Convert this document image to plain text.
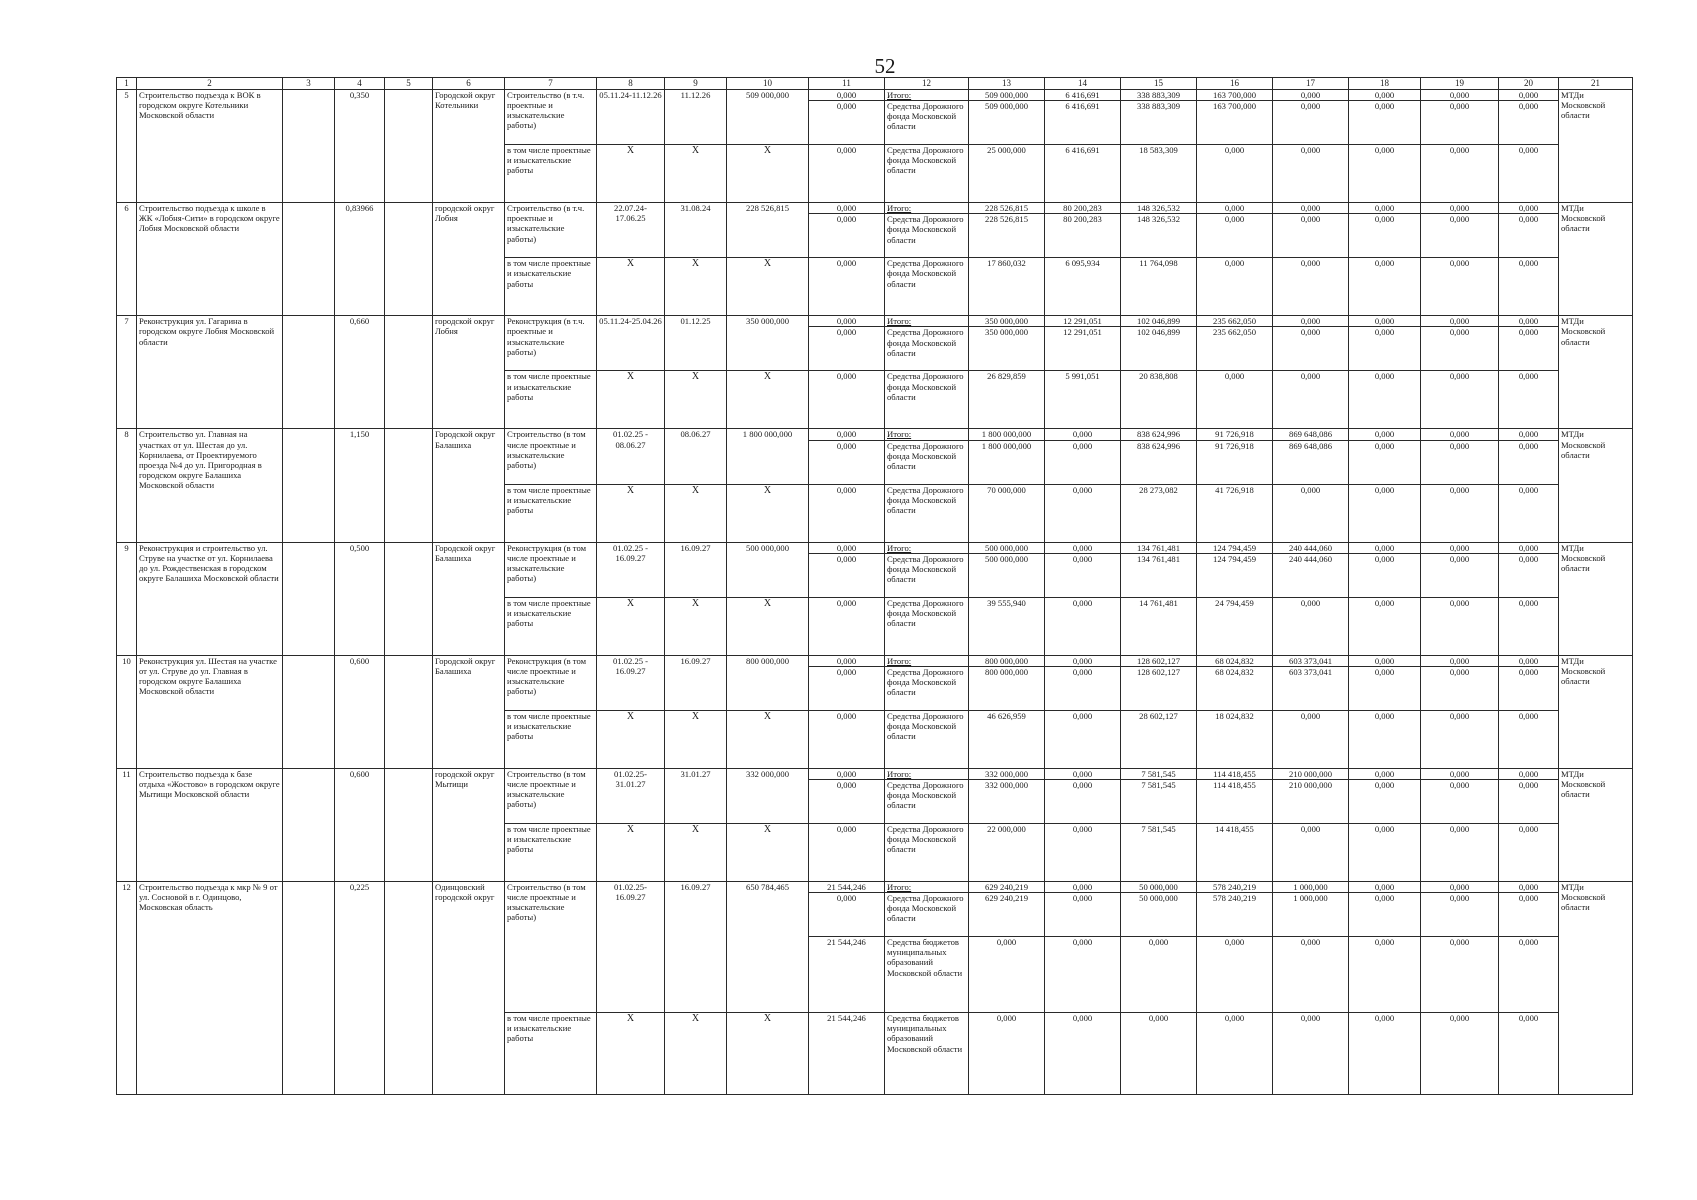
52
1	2	3	4	5	6	7	8	9	10	11	12	13	14	15	16	17	18	19	20	21
5	Строительство подъезда к ВОК в городском округе Котельники Московской области		0,350		Городской округ Котельники	Строительство (в т.ч. проектные и изыскательские работы)	05.11.24-11.12.26	11.12.26	509 000,000	0,000	Итого:	509 000,000	6 416,691	338 883,309	163 700,000	0,000	0,000	0,000	0,000	МТДи Московской области
										0,000	Средства Дорожного фонда Московской области	509 000,000	6 416,691	338 883,309	163 700,000	0,000	0,000	0,000	0,000	
						в том числе проектные и изыскательские работы	X	X	X	0,000	Средства Дорожного фонда Московской области	25 000,000	6 416,691	18 583,309	0,000	0,000	0,000	0,000	0,000	
6	Строительство подъезда к школе в ЖК «Лобня-Сити» в городском округе Лобня Московской области		0,83966		городской округ Лобня	Строительство (в т.ч. проектные и изыскательские работы)	22.07.24-17.06.25	31.08.24	228 526,815	0,000	Итого:	228 526,815	80 200,283	148 326,532	0,000	0,000	0,000	0,000	0,000	МТДи Московской области
										0,000	Средства Дорожного фонда Московской области	228 526,815	80 200,283	148 326,532	0,000	0,000	0,000	0,000	0,000	
						в том числе проектные и изыскательские работы	X	X	X	0,000	Средства Дорожного фонда Московской области	17 860,032	6 095,934	11 764,098	0,000	0,000	0,000	0,000	0,000	
7	Реконструкция ул. Гагарина в городском округе Лобня Московской области		0,660		городской округ Лобня	Реконструкция (в т.ч. проектные и изыскательские работы)	05.11.24-25.04.26	01.12.25	350 000,000	0,000	Итого:	350 000,000	12 291,051	102 046,899	235 662,050	0,000	0,000	0,000	0,000	МТДи Московской области
										0,000	Средства Дорожного фонда Московской области	350 000,000	12 291,051	102 046,899	235 662,050	0,000	0,000	0,000	0,000	
						в том числе проектные и изыскательские работы	X	X	X	0,000	Средства Дорожного фонда Московской области	26 829,859	5 991,051	20 838,808	0,000	0,000	0,000	0,000	0,000	
8	Строительство ул. Главная на участках от ул. Шестая до ул. Корнилаева, от Проектируемого проезда №4 до ул. Пригородная в городском округе Балашиха Московской области		1,150		Городской округ Балашиха	Строительство (в том числе проектные и изыскательские работы)	01.02.25 - 08.06.27	08.06.27	1 800 000,000	0,000	Итого:	1 800 000,000	0,000	838 624,996	91 726,918	869 648,086	0,000	0,000	0,000	МТДи Московской области
										0,000	Средства Дорожного фонда Московской области	1 800 000,000	0,000	838 624,996	91 726,918	869 648,086	0,000	0,000	0,000	
						в том числе проектные и изыскательские работы	X	X	X	0,000	Средства Дорожного фонда Московской области	70 000,000	0,000	28 273,082	41 726,918	0,000	0,000	0,000	0,000	
9	Реконструкция и строительство ул. Струве на участке от ул. Корнилаева до ул. Рождественская в городском округе Балашиха Московской области		0,500		Городской округ Балашиха	Реконструкция (в том числе проектные и изыскательские работы)	01.02.25 - 16.09.27	16.09.27	500 000,000	0,000	Итого:	500 000,000	0,000	134 761,481	124 794,459	240 444,060	0,000	0,000	0,000	МТДи Московской области
										0,000	Средства Дорожного фонда Московской области	500 000,000	0,000	134 761,481	124 794,459	240 444,060	0,000	0,000	0,000	
						в том числе проектные и изыскательские работы	X	X	X	0,000	Средства Дорожного фонда Московской области	39 555,940	0,000	14 761,481	24 794,459	0,000	0,000	0,000	0,000	
10	Реконструкция ул. Шестая на участке от ул. Струве до ул. Главная в городском округе Балашиха Московской области		0,600		Городской округ Балашиха	Реконструкция (в том числе проектные и изыскательские работы)	01.02.25 - 16.09.27	16.09.27	800 000,000	0,000	Итого:	800 000,000	0,000	128 602,127	68 024,832	603 373,041	0,000	0,000	0,000	МТДи Московской области
										0,000	Средства Дорожного фонда Московской области	800 000,000	0,000	128 602,127	68 024,832	603 373,041	0,000	0,000	0,000	
						в том числе проектные и изыскательские работы	X	X	X	0,000	Средства Дорожного фонда Московской области	46 626,959	0,000	28 602,127	18 024,832	0,000	0,000	0,000	0,000	
11	Строительство подъезда к базе отдыха «Жостово» в городском округе Мытищи Московской области		0,600		городской округ Мытищи	Строительство (в том числе проектные и изыскательские работы)	01.02.25-31.01.27	31.01.27	332 000,000	0,000	Итого:	332 000,000	0,000	7 581,545	114 418,455	210 000,000	0,000	0,000	0,000	МТДи Московской области
										0,000	Средства Дорожного фонда Московской области	332 000,000	0,000	7 581,545	114 418,455	210 000,000	0,000	0,000	0,000	
						в том числе проектные и изыскательские работы	X	X	X	0,000	Средства Дорожного фонда Московской области	22 000,000	0,000	7 581,545	14 418,455	0,000	0,000	0,000	0,000	
12	Строительство подъезда к мкр № 9 от ул. Сосновой в г. Одинцово, Московская область		0,225		Одинцовский городской округ	Строительство (в том числе проектные и изыскательские работы)	01.02.25-16.09.27	16.09.27	650 784,465	21 544,246	Итого:	629 240,219	0,000	50 000,000	578 240,219	1 000,000	0,000	0,000	0,000	МТДи Московской области
										0,000	Средства Дорожного фонда Московской области	629 240,219	0,000	50 000,000	578 240,219	1 000,000	0,000	0,000	0,000	
										21 544,246	Средства бюджетов муниципальных образований Московской области	0,000	0,000	0,000	0,000	0,000	0,000	0,000	0,000	
						в том числе проектные и изыскательские работы	X	X	X	21 544,246	Средства бюджетов муниципальных образований Московской области	0,000	0,000	0,000	0,000	0,000	0,000	0,000	0,000	
